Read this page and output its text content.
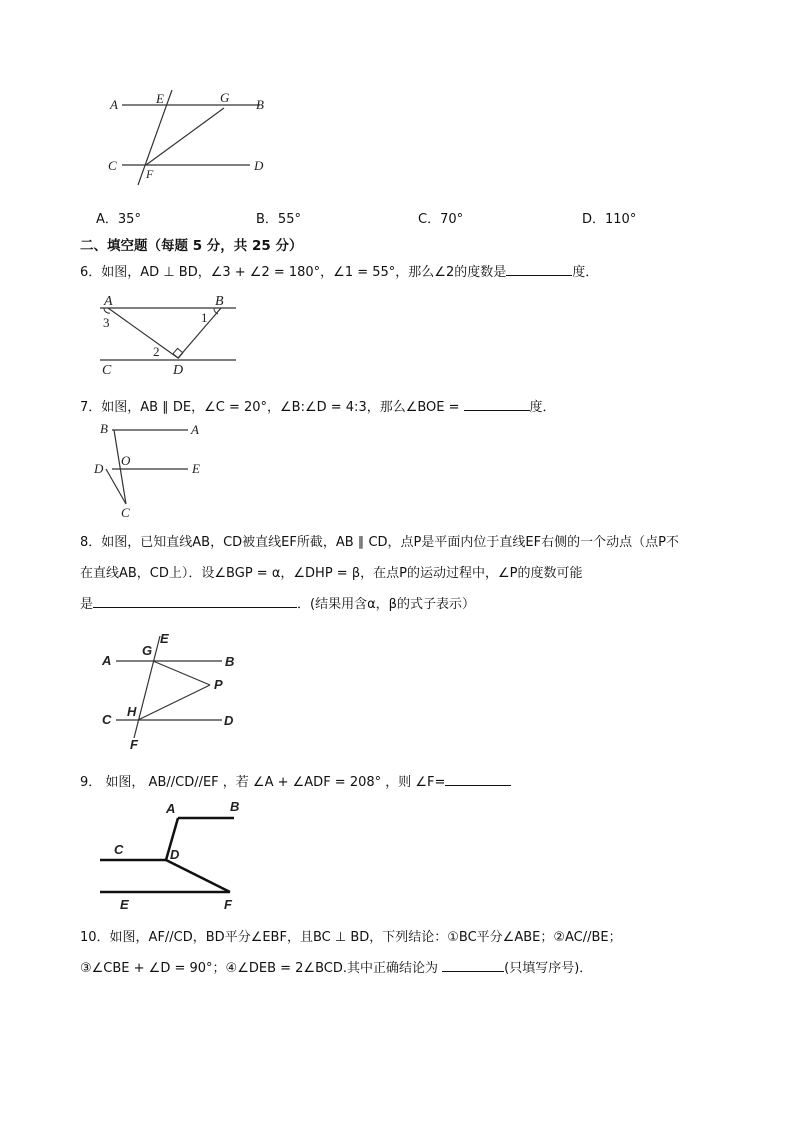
A	E	G B
C
F
D
A．35°	B．55°	C．70°	D．110°
二、填空题（每题 5 分，共 25 分）
6．如图，AD ⊥ BD，∠3 + ∠2 = 180°，∠1 = 55°，那么∠2的度数是	度．
A	B
C	D
1
2
3
7．如图，AB ∥ DE，∠C = 20°，∠B:∠D = 4:3，那么∠BOE =	度．
B	A
D
O
E
C
8．如图，已知直线AB，CD被直线EF所截，AB ∥ CD，点P是平面内位于直线EF右侧的一个动点（点P不
在直线AB，CD上）．设∠BGP = α，∠DHP = β，在点P的运动过程中，∠P的度数可能
是	．(结果用含α，β的式子表示）
A
G
E
B
P
C
H
D
F
9． 如图， AB//CD//EF ，若 ∠A + ∠ADF = 208° ，则 ∠F=
A	B
C	D
E	F
10．如图，AF//CD，BD平分∠EBF，且BC ⊥ BD，下列结论：①BC平分∠ABE；②AC//BE；
③∠CBE + ∠D = 90°；④∠DEB = 2∠BCD.其中正确结论为	(只填写序号)．
